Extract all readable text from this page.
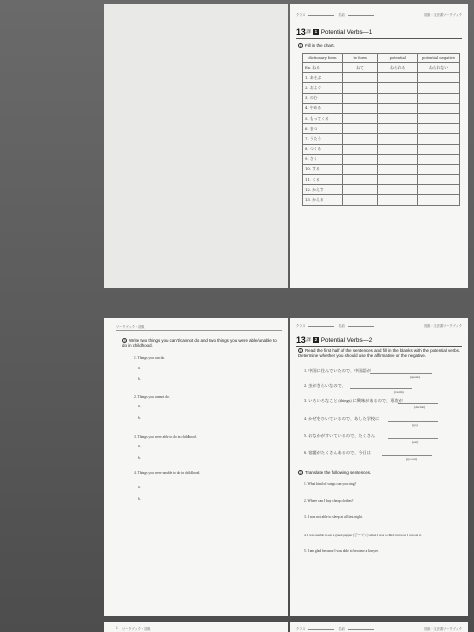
クラス	名前	初級・文法書ワークブック
13 課 1 Potential Verbs—1
1 Fill in the chart.
dictionary form	te form	potential	potential negative
Ex. ねる	ねて	ねられる	ねられない
1. あそぶ			
2. およぐ			
3. のむ			
4. やめる			
5. もってくる			
6. まつ			
7. うたう			
8. つくる			
9. さく			
10. する			
11. くる			
12. かえす			
13. かえる			
ワークブック・初級
3 Write two things you can't/cannot do and two things you were able/unable to do in childhood.
1. Things you can do.
a.
b.
2. Things you cannot do.
a.
b.
3. Things you were able to do in childhood.
a.
b.
4. Things you were unable to do in childhood.
a.
b.
クラス	名前	初級・文法書ワークブック
13 課 2 Potential Verbs—2
1 Read the first half of the sentences and fill in the blanks with the potential verbs. Determine whether you should use the affirmative or the negative.
1. 中国に住んでいたので、中国語が
(speak)
2. 虫がきらいなので、
(swim)
3. いろいろなこと (things) に興味があるので、専攻が
(decide)
4. かぜをひいているので、あした学校に
(go)
5. おなかがすいているので、たくさん
(eat)
6. 宿題がたくさんあるので、今日は
(go out)
2 Translate the following sentences.
1. What kind of songs can you sing?
2. Where can I buy cheap clothes?
3. I was not able to sleep at all last night.
4. I was unable to eat a green pepper (ピーマン) when I was a child, but now I can eat it.
5. I am glad because I was able to become a lawyer.
1 ワークブック・初級	クラス	名前	初級・文法書ワークブック
